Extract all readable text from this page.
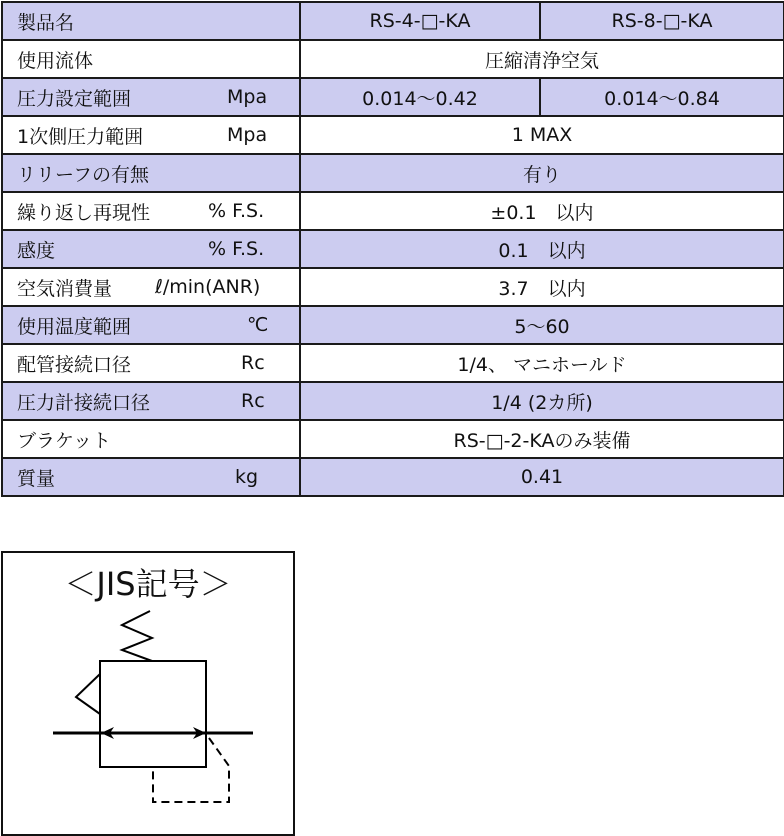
製品名	RS-4-□-KA	RS-8-□-KA
使用流体	圧縮清浄空気	
圧力設定範囲 Mpa	0.014～0.42	0.014～0.84
1次側圧力範囲 Mpa	1 MAX	
リリーフの有無	有り	
繰り返し再現性 % F.S.	±0.1　以内	
感度 % F.S.	0.1　以内	
空気消費量 ℓ/min(ANR)	3.7　以内	
使用温度範囲 ℃	5～60	
配管接続口径 Rc	1/4、 マニホールド	
圧力計接続口径 Rc	1/4 (2カ所)	
ブラケット	RS-□-2-KAのみ装備	
質量 kg	0.41	
＜JIS記号＞
